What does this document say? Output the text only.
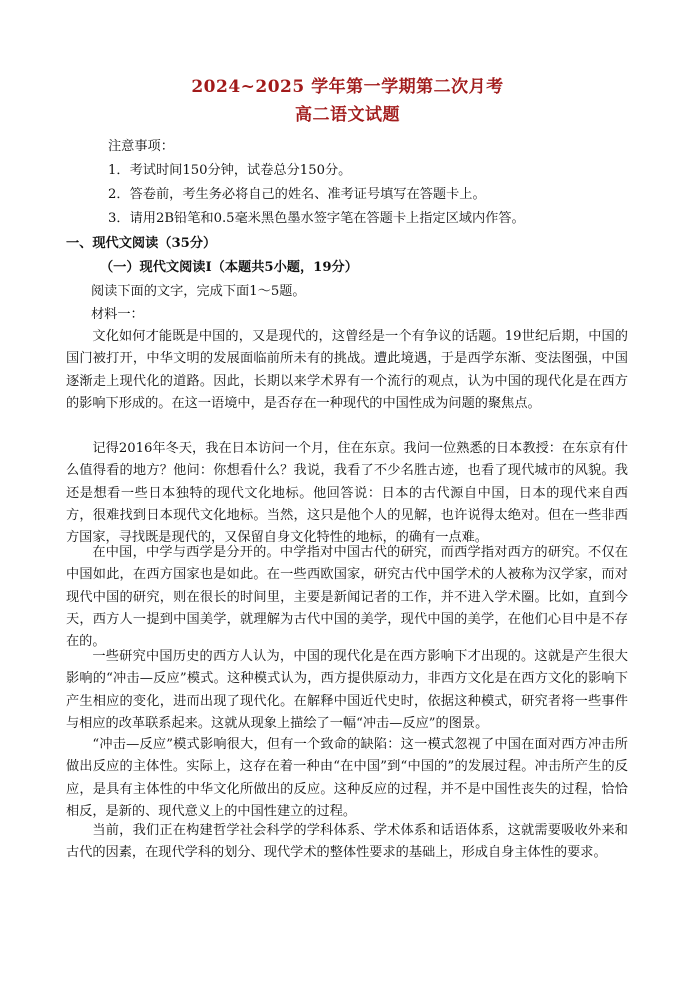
2024~2025 学年第一学期第二次月考
高二语文试题
注意事项：
1．考试时间150分钟，试卷总分150分。
2．答卷前，考生务必将自己的姓名、准考证号填写在答题卡上。
3．请用2B铅笔和0.5毫米黑色墨水签字笔在答题卡上指定区域内作答。
一、现代文阅读（35分）
（一）现代文阅读Ⅰ（本题共5小题，19分）
阅读下面的文字，完成下面1～5题。
材料一：

文化如何才能既是中国的，又是现代的，这曾经是一个有争议的话题。19世纪后期，中国的国门被打开，中华文明的发展面临前所未有的挑战。遭此境遇，于是西学东渐、变法图强，中国逐渐走上现代化的道路。因此，长期以来学术界有一个流行的观点，认为中国的现代化是在西方的影响下形成的。在这一语境中，是否存在一种现代的中国性成为问题的聚焦点。

记得2016年冬天，我在日本访问一个月，住在东京。我问一位熟悉的日本教授：在东京有什么值得看的地方？他问：你想看什么？我说，我看了不少名胜古迹，也看了现代城市的风貌。我还是想看一些日本独特的现代文化地标。他回答说：日本的古代源自中国，日本的现代来自西方，很难找到日本现代文化地标。当然，这只是他个人的见解，也许说得太绝对。但在一些非西方国家，寻找既是现代的，又保留自身文化特性的地标，的确有一点难。

在中国，中学与西学是分开的。中学指对中国古代的研究，而西学指对西方的研究。不仅在中国如此，在西方国家也是如此。在一些西欧国家，研究古代中国学术的人被称为汉学家，而对现代中国的研究，则在很长的时间里，主要是新闻记者的工作，并不进入学术圈。比如，直到今天，西方人一提到中国美学，就理解为古代中国的美学，现代中国的美学，在他们心目中是不存在的。

一些研究中国历史的西方人认为，中国的现代化是在西方影响下才出现的。这就是产生很大影响的“冲击—反应”模式。这种模式认为，西方提供原动力，非西方文化是在西方文化的影响下产生相应的变化，进而出现了现代化。在解释中国近代史时，依据这种模式，研究者将一些事件与相应的改革联系起来。这就从现象上描绘了一幅“冲击—反应”的图景。

“冲击—反应”模式影响很大，但有一个致命的缺陷：这一模式忽视了中国在面对西方冲击所做出反应的主体性。实际上，这存在着一种由“在中国”到“中国的”的发展过程。冲击所产生的反应，是具有主体性的中华文化所做出的反应。这种反应的过程，并不是中国性丧失的过程，恰恰相反，是新的、现代意义上的中国性建立的过程。

当前，我们正在构建哲学社会科学的学科体系、学术体系和话语体系，这就需要吸收外来和古代的因素，在现代学科的划分、现代学术的整体性要求的基础上，形成自身主体性的要求。
